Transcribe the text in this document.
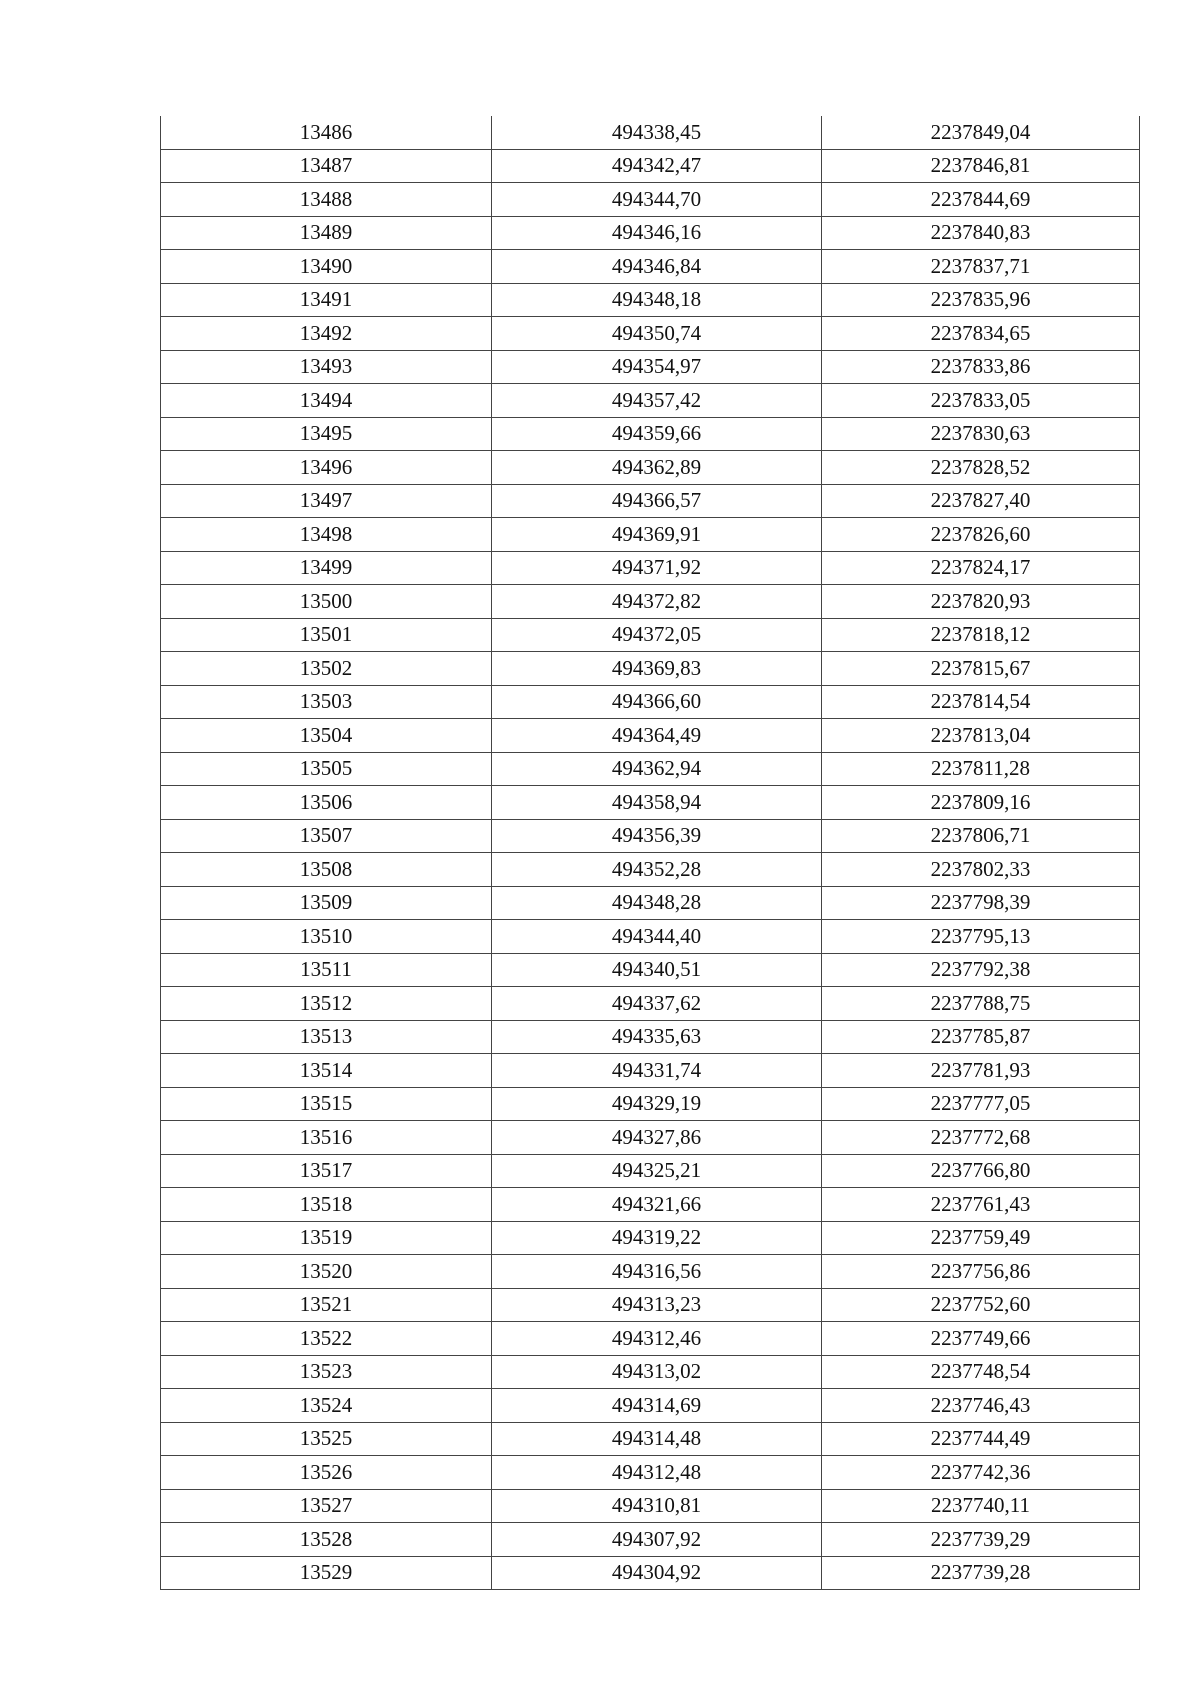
13486	494338,45	2237849,04
13487	494342,47	2237846,81
13488	494344,70	2237844,69
13489	494346,16	2237840,83
13490	494346,84	2237837,71
13491	494348,18	2237835,96
13492	494350,74	2237834,65
13493	494354,97	2237833,86
13494	494357,42	2237833,05
13495	494359,66	2237830,63
13496	494362,89	2237828,52
13497	494366,57	2237827,40
13498	494369,91	2237826,60
13499	494371,92	2237824,17
13500	494372,82	2237820,93
13501	494372,05	2237818,12
13502	494369,83	2237815,67
13503	494366,60	2237814,54
13504	494364,49	2237813,04
13505	494362,94	2237811,28
13506	494358,94	2237809,16
13507	494356,39	2237806,71
13508	494352,28	2237802,33
13509	494348,28	2237798,39
13510	494344,40	2237795,13
13511	494340,51	2237792,38
13512	494337,62	2237788,75
13513	494335,63	2237785,87
13514	494331,74	2237781,93
13515	494329,19	2237777,05
13516	494327,86	2237772,68
13517	494325,21	2237766,80
13518	494321,66	2237761,43
13519	494319,22	2237759,49
13520	494316,56	2237756,86
13521	494313,23	2237752,60
13522	494312,46	2237749,66
13523	494313,02	2237748,54
13524	494314,69	2237746,43
13525	494314,48	2237744,49
13526	494312,48	2237742,36
13527	494310,81	2237740,11
13528	494307,92	2237739,29
13529	494304,92	2237739,28
